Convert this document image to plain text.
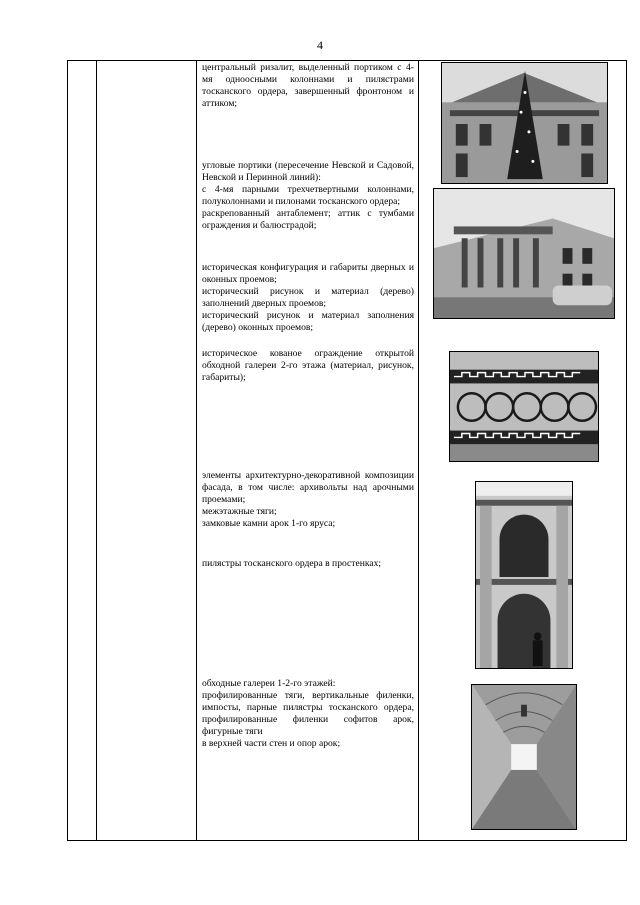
4

центральный ризалит, выделенный портиком с 4-мя одноосными колоннами и пилястрами тосканского ордера, завершенный фронтоном и аттиком;

угловые портики (пересечение Невской и Садовой, Невской и Перинной линий):

с 4-мя парными трехчетвертными колоннами, полуколоннами и пилонами тосканского ордера;

раскрепованный антаблемент; аттик с тумбами ограждения и балюстрадой;

историческая конфигурация и габариты дверных и оконных проемов;

исторический рисунок и материал (дерево) заполнений дверных проемов;

исторический рисунок и материал заполнения (дерево) оконных проемов;

историческое кованое ограждение открытой обходной галереи 2-го этажа (материал, рисунок, габариты);

элементы архитектурно-декоративной композиции фасада, в том числе: архивольты над арочными проемами;

межэтажные тяги;

замковые камни арок 1-го яруса;

пилястры тосканского ордера в простенках;

обходные галереи 1-2-го этажей:

профилированные тяги, вертикальные филенки, импосты, парные пилястры тосканского ордера, профилированные филенки софитов арок, фигурные тяги

в верхней части стен и опор арок;
